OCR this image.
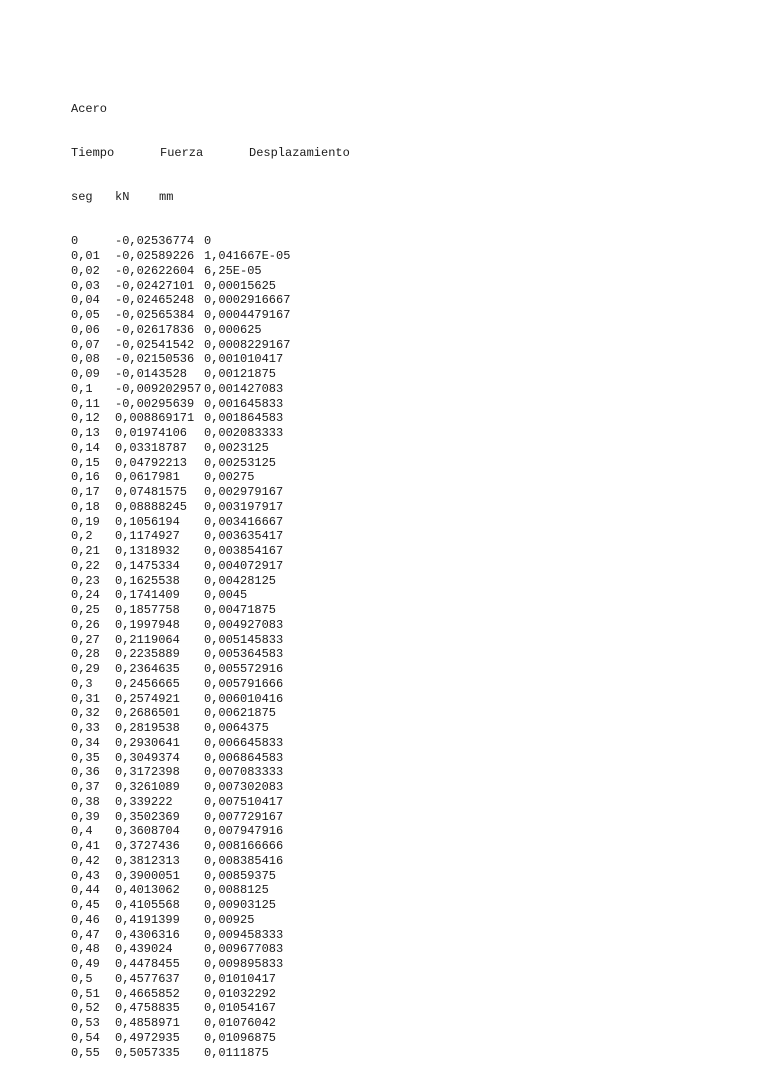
Acero

Tiempo	Fuerza	Desplazamiento

seg kN mm

0	-0,02536774 0
0,01 -0,02589226 1,041667E-05
0,02 -0,02622604 6,25E-05
0,03 -0,02427101 0,00015625
0,04 -0,02465248 0,0002916667
0,05 -0,02565384 0,0004479167
0,06 -0,02617836 0,000625
0,07 -0,02541542 0,0008229167
0,08 -0,02150536 0,001010417
0,09 -0,0143528 0,00121875
0,1 -0,009202957 0,001427083
0,11 -0,00295639 0,001645833
0,12 0,008869171 0,001864583
0,13 0,01974106 0,002083333
0,14 0,03318787 0,0023125
0,15 0,04792213 0,00253125
0,16 0,0617981 0,00275
0,17 0,07481575 0,002979167
0,18 0,08888245 0,003197917
0,19 0,1056194 0,003416667
0,2 0,1174927 0,003635417
0,21 0,1318932 0,003854167
0,22 0,1475334 0,004072917
0,23 0,1625538 0,00428125
0,24 0,1741409 0,0045
0,25 0,1857758 0,00471875
0,26 0,1997948 0,004927083
0,27 0,2119064 0,005145833
0,28 0,2235889 0,005364583
0,29 0,2364635 0,005572916
0,3 0,2456665 0,005791666
0,31 0,2574921 0,006010416
0,32 0,2686501 0,00621875
0,33 0,2819538 0,0064375
0,34 0,2930641 0,006645833
0,35 0,3049374 0,006864583
0,36 0,3172398 0,007083333
0,37 0,3261089 0,007302083
0,38 0,339222	0,007510417
0,39 0,3502369 0,007729167
0,4 0,3608704 0,007947916
0,41 0,3727436 0,008166666
0,42 0,3812313 0,008385416
0,43 0,3900051 0,00859375
0,44 0,4013062 0,0088125
0,45 0,4105568 0,00903125
0,46 0,4191399 0,00925
0,47 0,4306316 0,009458333
0,48 0,439024	0,009677083
0,49 0,4478455 0,009895833
0,5 0,4577637 0,01010417
0,51 0,4665852 0,01032292
0,52 0,4758835 0,01054167
0,53 0,4858971 0,01076042
0,54 0,4972935 0,01096875
0,55 0,5057335 0,0111875
